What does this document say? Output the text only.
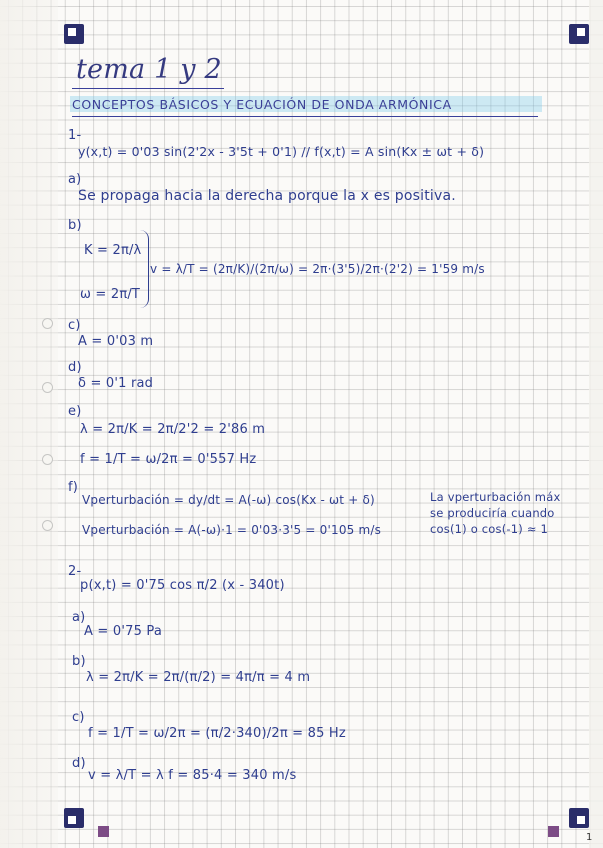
tema 1 y 2
CONCEPTOS BÁSICOS Y ECUACIÓN DE ONDA ARMÓNICA
1-
y(x,t) = 0'03 sin(2'2x - 3'5t + 0'1) // f(x,t) = A sin(Kx ± ωt + δ)
a)
Se propaga hacia la derecha porque la x es positiva.
b)
K = 2π/λ
ω = 2π/T
v = λ/T = (2π/K)/(2π/ω) = 2π·(3'5)/2π·(2'2) = 1'59 m/s
c)
A = 0'03 m
d)
δ = 0'1 rad
e)
λ = 2π/K = 2π/2'2 = 2'86 m
f = 1/T = ω/2π = 0'557 Hz
f)
Vperturbación = dy/dt = A(-ω) cos(Kx - ωt + δ)
Vperturbación = A(-ω)·1 = 0'03·3'5 = 0'105 m/s
La vperturbación máx
se produciría cuando
cos(1) o cos(-1) ≈ 1
2-
p(x,t) = 0'75 cos π/2 (x - 340t)
a)
A = 0'75 Pa
b)
λ = 2π/K = 2π/(π/2) = 4π/π = 4 m
c)
f = 1/T = ω/2π = (π/2·340)/2π = 85 Hz
d)
v = λ/T = λ f = 85·4 = 340 m/s
1
